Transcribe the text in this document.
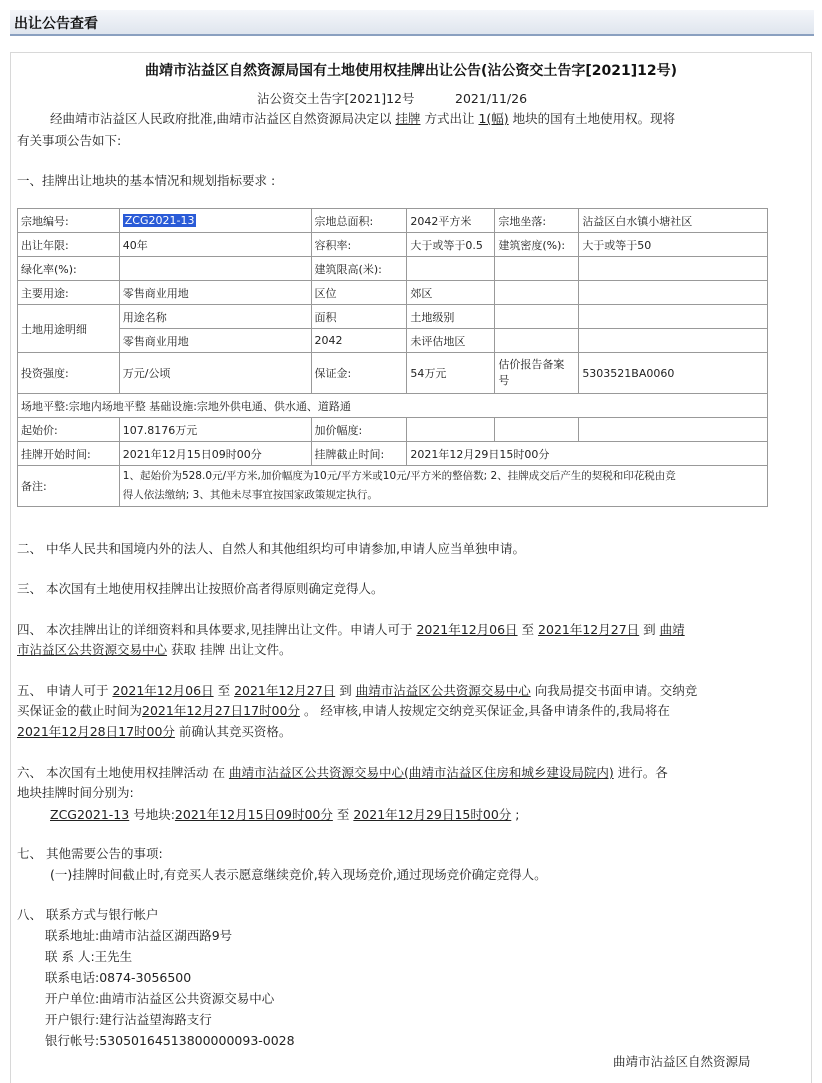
出让公告查看
曲靖市沾益区自然资源局国有土地使用权挂牌出让公告(沾公资交土告字[2021]12号)
沾公资交土告字[2021]12号	2021/11/26
经曲靖市沾益区人民政府批准,曲靖市沾益区自然资源局决定以 挂牌 方式出让 1(幅) 地块的国有土地使用权。现将
有关事项公告如下:
一、挂牌出让地块的基本情况和规划指标要求 :
宗地编号:	ZCG2021-13	宗地总面积:	2042平方米	宗地坐落:	沾益区白水镇小塘社区
出让年限:	40年	容积率:	大于或等于0.5	建筑密度(%):	大于或等于50
绿化率(%):		建筑限高(米):			
主要用途:	零售商业用地	区位	郊区		
土地用途明细	用途名称	面积	土地级别		
	零售商业用地	2042	未评估地区		
投资强度:	万元/公顷	保证金:	54万元	估价报告备案号	5303521BA0060
场地平整:宗地内场地平整 基础设施:宗地外供电通、供水通、道路通					
起始价:	107.8176万元	加价幅度:			
挂牌开始时间:	2021年12月15日09时00分	挂牌截止时间:	2021年12月29日15时00分		
备注:	1、起始价为528.0元/平方米,加价幅度为10元/平方米或10元/平方米的整倍数; 2、挂牌成交后产生的契税和印花税由竞
得人依法缴纳; 3、其他未尽事宜按国家政策规定执行。				
二、 中华人民共和国境内外的法人、自然人和其他组织均可申请参加,申请人应当单独申请。
三、 本次国有土地使用权挂牌出让按照价高者得原则确定竞得人。
四、 本次挂牌出让的详细资料和具体要求,见挂牌出让文件。申请人可于 2021年12月06日 至 2021年12月27日 到 曲靖
市沾益区公共资源交易中心 获取 挂牌 出让文件。
五、 申请人可于 2021年12月06日 至 2021年12月27日 到 曲靖市沾益区公共资源交易中心 向我局提交书面申请。交纳竞
买保证金的截止时间为2021年12月27日17时00分 。 经审核,申请人按规定交纳竞买保证金,具备申请条件的,我局将在
2021年12月28日17时00分 前确认其竞买资格。
六、 本次国有土地使用权挂牌活动 在 曲靖市沾益区公共资源交易中心(曲靖市沾益区住房和城乡建设局院内) 进行。各
地块挂牌时间分别为:
ZCG2021-13 号地块:2021年12月15日09时00分 至 2021年12月29日15时00分 ;
七、 其他需要公告的事项:
(一)挂牌时间截止时,有竞买人表示愿意继续竞价,转入现场竞价,通过现场竞价确定竞得人。
八、 联系方式与银行帐户
联系地址:曲靖市沾益区湖西路9号
联 系 人:王先生
联系电话:0874-3056500
开户单位:曲靖市沾益区公共资源交易中心
开户银行:建行沾益望海路支行
银行帐号:53050164513800000093-0028
曲靖市沾益区自然资源局
